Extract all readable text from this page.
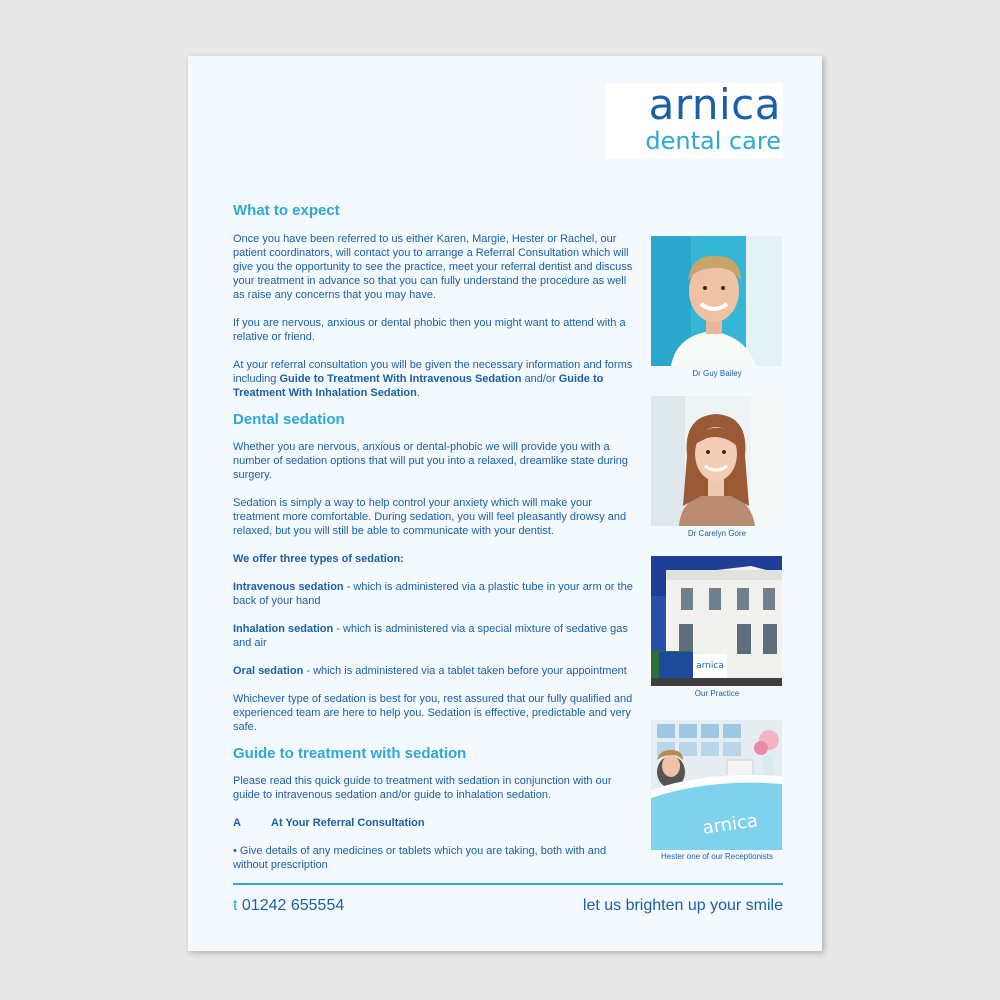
arnica
dental care
What to expect

Once you have been referred to us either Karen, Margie, Hester or Rachel, our patient coordinators, will contact you to arrange a Referral Consultation which will give you the opportunity to see the practice, meet your referral dentist and discuss your treatment in advance so that you can fully understand the procedure as well as raise any concerns that you may have.

If you are nervous, anxious or dental phobic then you might want to attend with a relative or friend.

At your referral consultation you will be given the necessary information and forms including Guide to Treatment With Intravenous Sedation and/or Guide to Treatment With Inhalation Sedation.

Dental sedation

Whether you are nervous, anxious or dental-phobic we will provide you with a number of sedation options that will put you into a relaxed, dreamlike state during surgery.

Sedation is simply a way to help control your anxiety which will make your treatment more comfortable. During sedation, you will feel pleasantly drowsy and relaxed, but you will still be able to communicate with your dentist.

We offer three types of sedation:

Intravenous sedation - which is administered via a plastic tube in your arm or the back of your hand

Inhalation sedation - which is administered via a special mixture of sedative gas and air

Oral sedation - which is administered via a tablet taken before your appointment

Whichever type of sedation is best for you, rest assured that our fully qualified and experienced team are here to help you. Sedation is effective, predictable and very safe.

Guide to treatment with sedation

Please read this quick guide to treatment with sedation in conjunction with our guide to intravenous sedation and/or guide to inhalation sedation.

A	At Your Referral Consultation

• Give details of any medicines or tablets which you are taking, both with and without prescription

Dr Guy Bailey
Dr Carelyn Gore
arnica
Our Practice
arnica
Hester one of our Receptionists
t 01242 655554	let us brighten up your smile
